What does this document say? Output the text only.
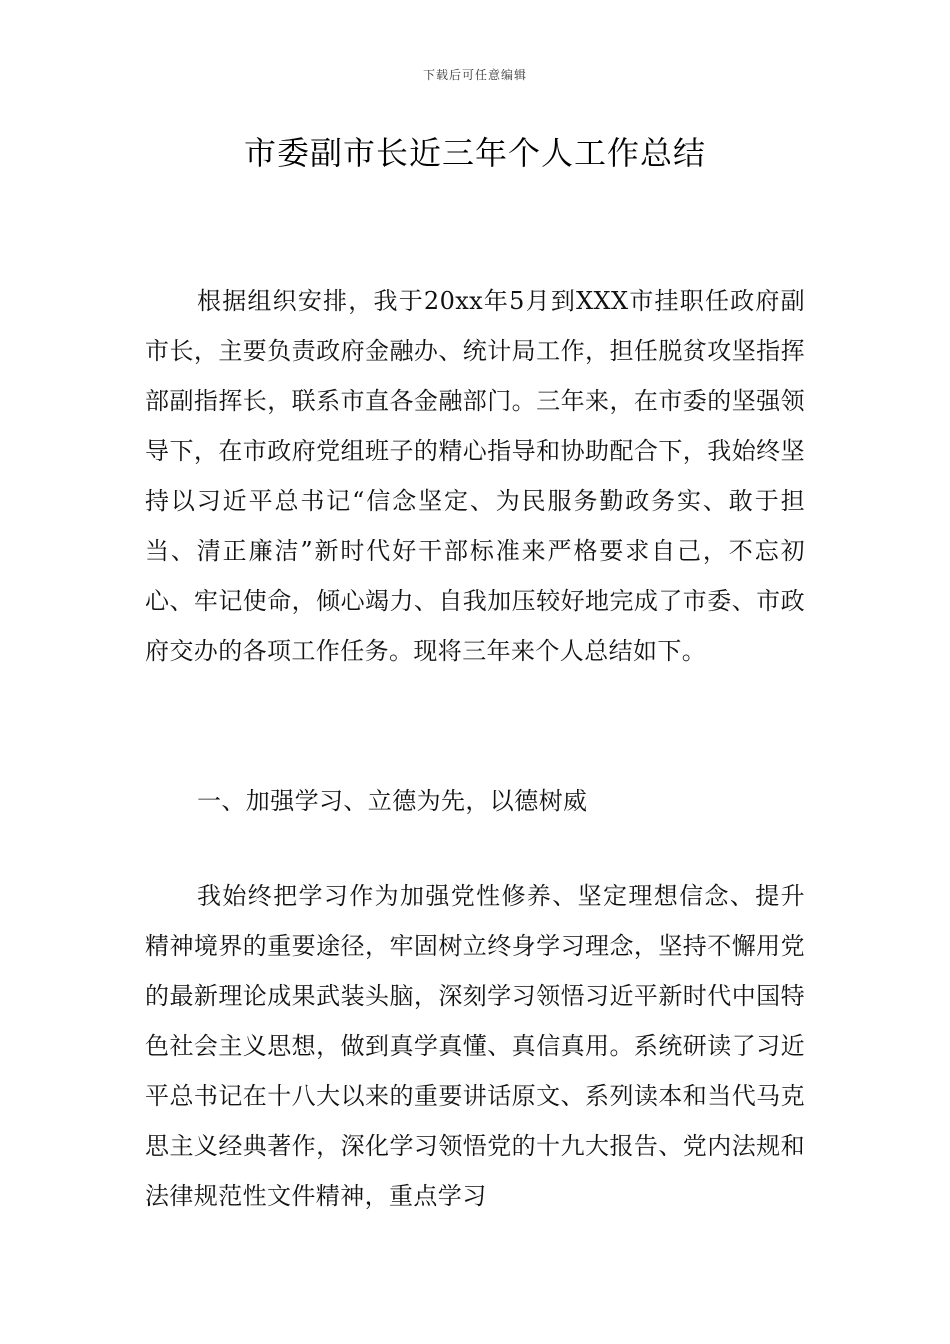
下载后可任意编辑
市委副市长近三年个人工作总结

根据组织安排，我于20xx年5月到XXX市挂职任政府副市长，主要负责政府金融办、统计局工作，担任脱贫攻坚指挥部副指挥长，联系市直各金融部门。三年来，在市委的坚强领导下，在市政府党组班子的精心指导和协助配合下，我始终坚持以习近平总书记“信念坚定、为民服务勤政务实、敢于担当、清正廉洁”新时代好干部标准来严格要求自己，不忘初心、牢记使命，倾心竭力、自我加压较好地完成了市委、市政府交办的各项工作任务。现将三年来个人总结如下。

一、加强学习、立德为先，以德树威

我始终把学习作为加强党性修养、坚定理想信念、提升精神境界的重要途径，牢固树立终身学习理念，坚持不懈用党的最新理论成果武装头脑，深刻学习领悟习近平新时代中国特色社会主义思想，做到真学真懂、真信真用。系统研读了习近平总书记在十八大以来的重要讲话原文、系列读本和当代马克思主义经典著作，深化学习领悟党的十九大报告、党内法规和法律规范性文件精神，重点学习
